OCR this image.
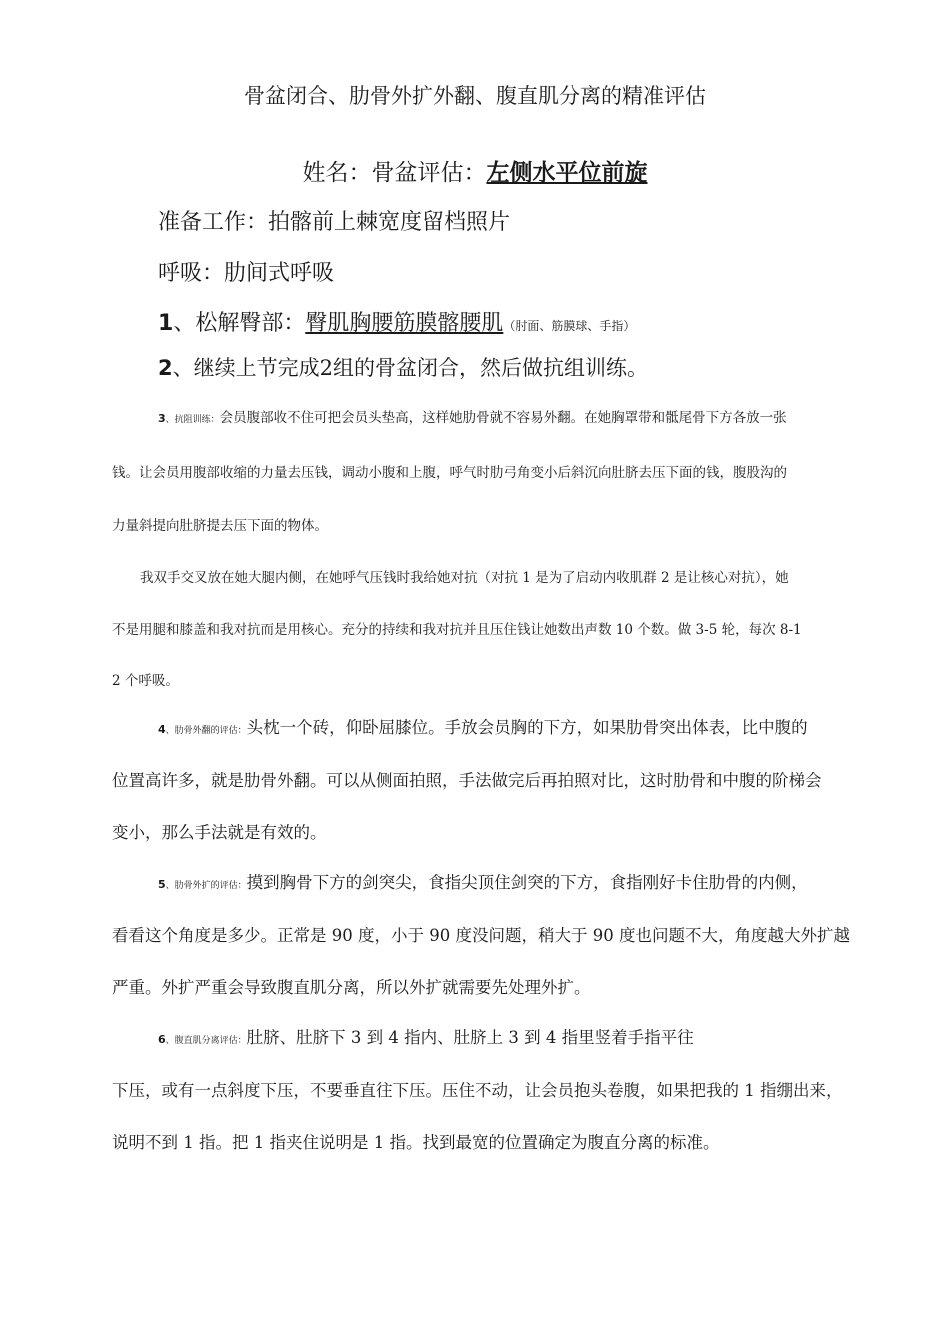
骨盆闭合、肋骨外扩外翻、腹直肌分离的精准评估
姓名：骨盆评估：左侧水平位前旋
准备工作：拍髂前上棘宽度留档照片
呼吸：肋间式呼吸
1、松解臀部：臀肌胸腰筋膜髂腰肌（肘面、筋膜球、手指）
2、继续上节完成2组的骨盆闭合，然后做抗组训练。
3、抗阻训练：会员腹部收不住可把会员头垫高，这样她肋骨就不容易外翻。在她胸罩带和骶尾骨下方各放一张
钱。让会员用腹部收缩的力量去压钱，调动小腹和上腹，呼气时肋弓角变小后斜沉向肚脐去压下面的钱，腹股沟的
力量斜提向肚脐提去压下面的物体。
我双手交叉放在她大腿内侧，在她呼气压钱时我给她对抗（对抗 1 是为了启动内收肌群 2 是让核心对抗），她
不是用腿和膝盖和我对抗而是用核心。充分的持续和我对抗并且压住钱让她数出声数 10 个数。做 3-5 轮，每次 8-1
2 个呼吸。
4、肋骨外翻的评估：头枕一个砖，仰卧屈膝位。手放会员胸的下方，如果肋骨突出体表，比中腹的
位置高许多，就是肋骨外翻。可以从侧面拍照，手法做完后再拍照对比，这时肋骨和中腹的阶梯会
变小，那么手法就是有效的。
5、肋骨外扩的评估：摸到胸骨下方的剑突尖，食指尖顶住剑突的下方，食指刚好卡住肋骨的内侧，
看看这个角度是多少。正常是 90 度，小于 90 度没问题，稍大于 90 度也问题不大，角度越大外扩越
严重。外扩严重会导致腹直肌分离，所以外扩就需要先处理外扩。
6、腹直肌分离评估：肚脐、肚脐下 3 到 4 指内、肚脐上 3 到 4 指里竖着手指平往
下压，或有一点斜度下压，不要垂直往下压。压住不动，让会员抱头卷腹，如果把我的 1 指绷出来，
说明不到 1 指。把 1 指夹住说明是 1 指。找到最宽的位置确定为腹直分离的标准。
